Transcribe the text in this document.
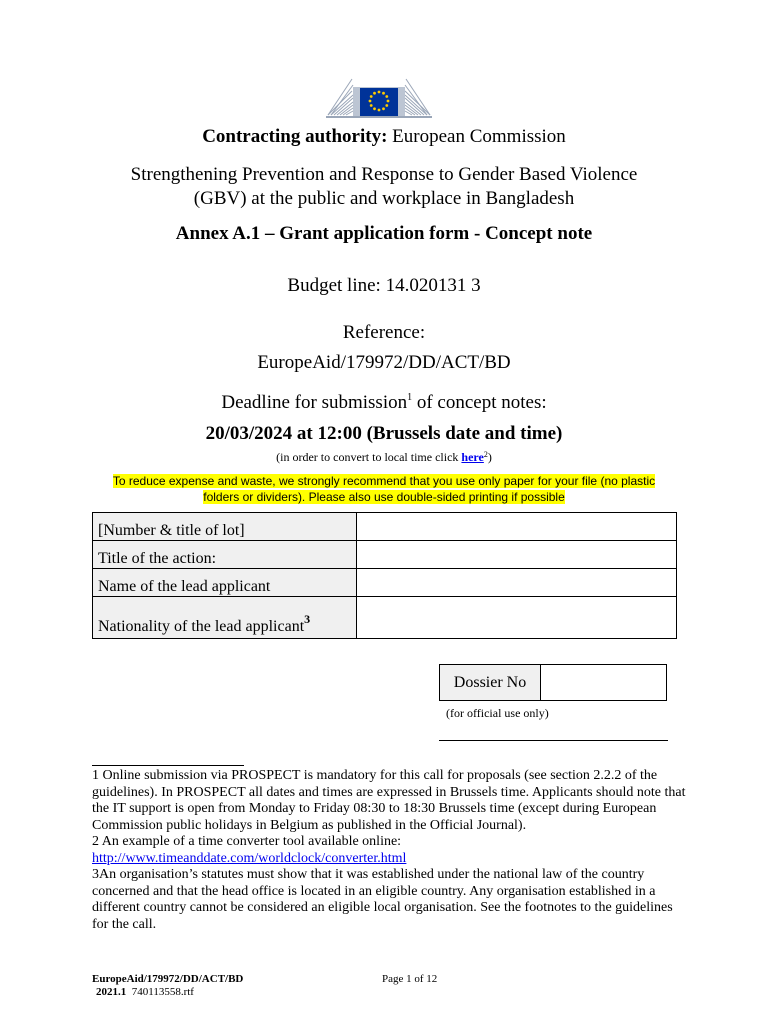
Contracting authority: European Commission
Strengthening Prevention and Response to Gender Based Violence
(GBV) at the public and workplace in Bangladesh
Annex A.1 – Grant application form - Concept note
Budget line: 14.020131 3
Reference:
EuropeAid/179972/DD/ACT/BD
Deadline for submission$^1$ of concept notes:
20/03/2024 at 12:00 (Brussels date and time)
(in order to convert to local time click here$^2$)
To reduce expense and waste, we strongly recommend that you use only paper for your file (no plastic
folders or dividers). Please also use double-sided printing if possible
[Number & title of lot]	
Title of the action:	
Name of the lead applicant	
Nationality of the lead applicant$^3$	
Dossier No	
(for official use only)

1 Online submission via PROSPECT is mandatory for this call for proposals (see section 2.2.2 of the guidelines). In PROSPECT all dates and times are expressed in Brussels time. Applicants should note that the IT support is open from Monday to Friday 08:30 to 18:30 Brussels time (except during European Commission public holidays in Belgium as published in the Official Journal).

2 An example of a time converter tool available online:

http://www.timeanddate.com/worldclock/converter.html

3An organisation’s statutes must show that it was established under the national law of the country concerned and that the head office is located in an eligible country. Any organisation established in a different country cannot be considered an eligible local organisation. See the footnotes to the guidelines for the call.

EuropeAid/179972/DD/ACT/BD	Page 1 of 12
2021.1 740113558.rtf
